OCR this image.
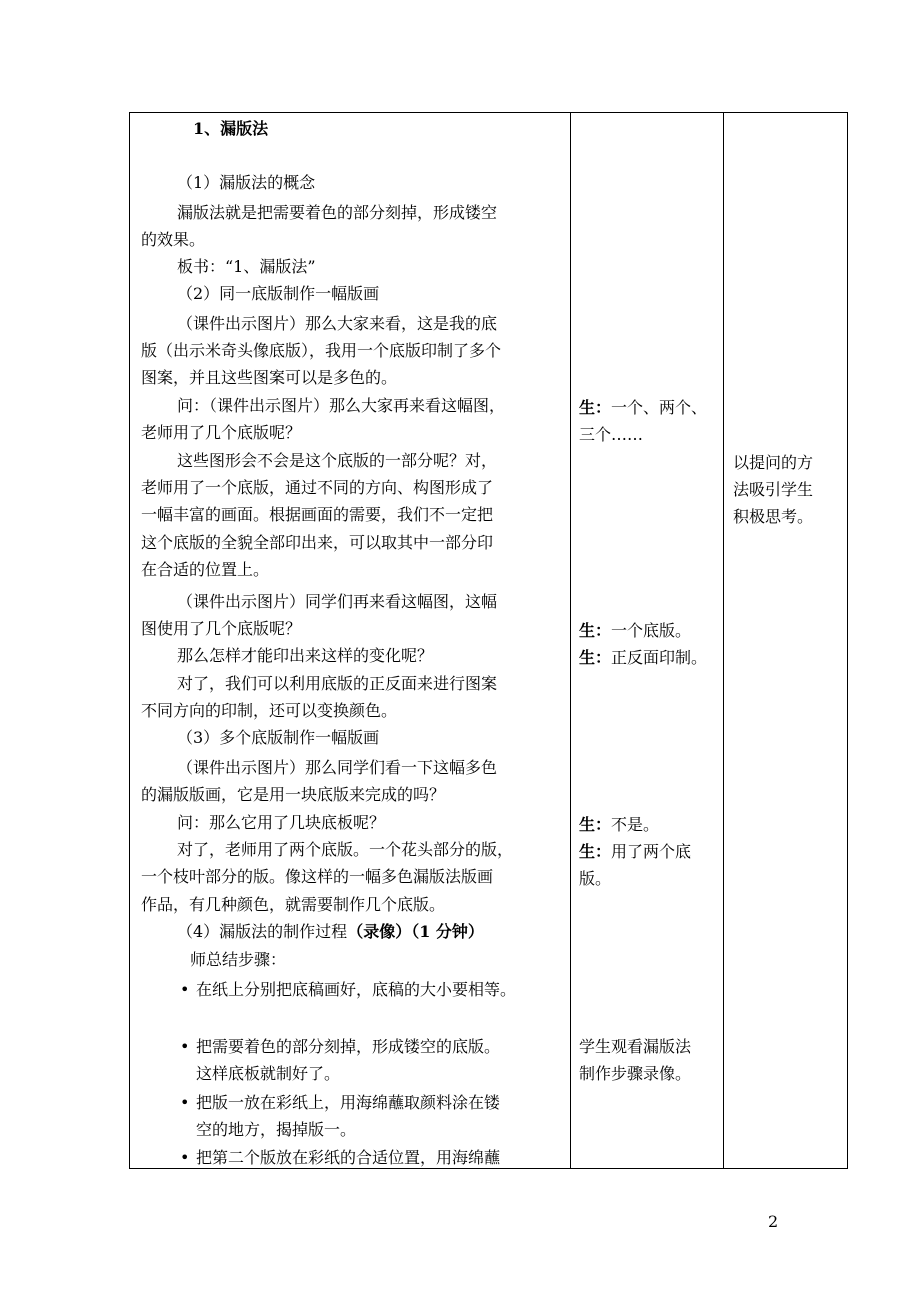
1、漏版法
（1）漏版法的概念
漏版法就是把需要着色的部分刻掉，形成镂空
的效果。
板书：“1、漏版法”
（2）同一底版制作一幅版画
（课件出示图片）那么大家来看，这是我的底
版（出示米奇头像底版），我用一个底版印制了多个
图案，并且这些图案可以是多色的。
问：（课件出示图片）那么大家再来看这幅图，
老师用了几个底版呢？
这些图形会不会是这个底版的一部分呢？对，
老师用了一个底版，通过不同的方向、构图形成了
一幅丰富的画面。根据画面的需要，我们不一定把
这个底版的全貌全部印出来，可以取其中一部分印
在合适的位置上。
（课件出示图片）同学们再来看这幅图，这幅
图使用了几个底版呢？
那么怎样才能印出来这样的变化呢？
对了，我们可以利用底版的正反面来进行图案
不同方向的印制，还可以变换颜色。
（3）多个底版制作一幅版画
（课件出示图片）那么同学们看一下这幅多色
的漏版版画，它是用一块底版来完成的吗？
问：那么它用了几块底板呢？
对了，老师用了两个底版。一个花头部分的版，
一个枝叶部分的版。像这样的一幅多色漏版法版画
作品，有几种颜色，就需要制作几个底版。
（4）漏版法的制作过程（录像）（1 分钟）
师总结步骤：
• 在纸上分别把底稿画好，底稿的大小要相等。
• 把需要着色的部分刻掉，形成镂空的底版。
这样底板就制好了。
• 把版一放在彩纸上，用海绵蘸取颜料涂在镂
空的地方，揭掉版一。
• 把第二个版放在彩纸的合适位置，用海绵蘸
生：一个、两个、
三个……
生：一个底版。
生：正反面印制。
生：不是。
生：用了两个底
版。
学生观看漏版法
制作步骤录像。
以提问的方
法吸引学生
积极思考。
2
